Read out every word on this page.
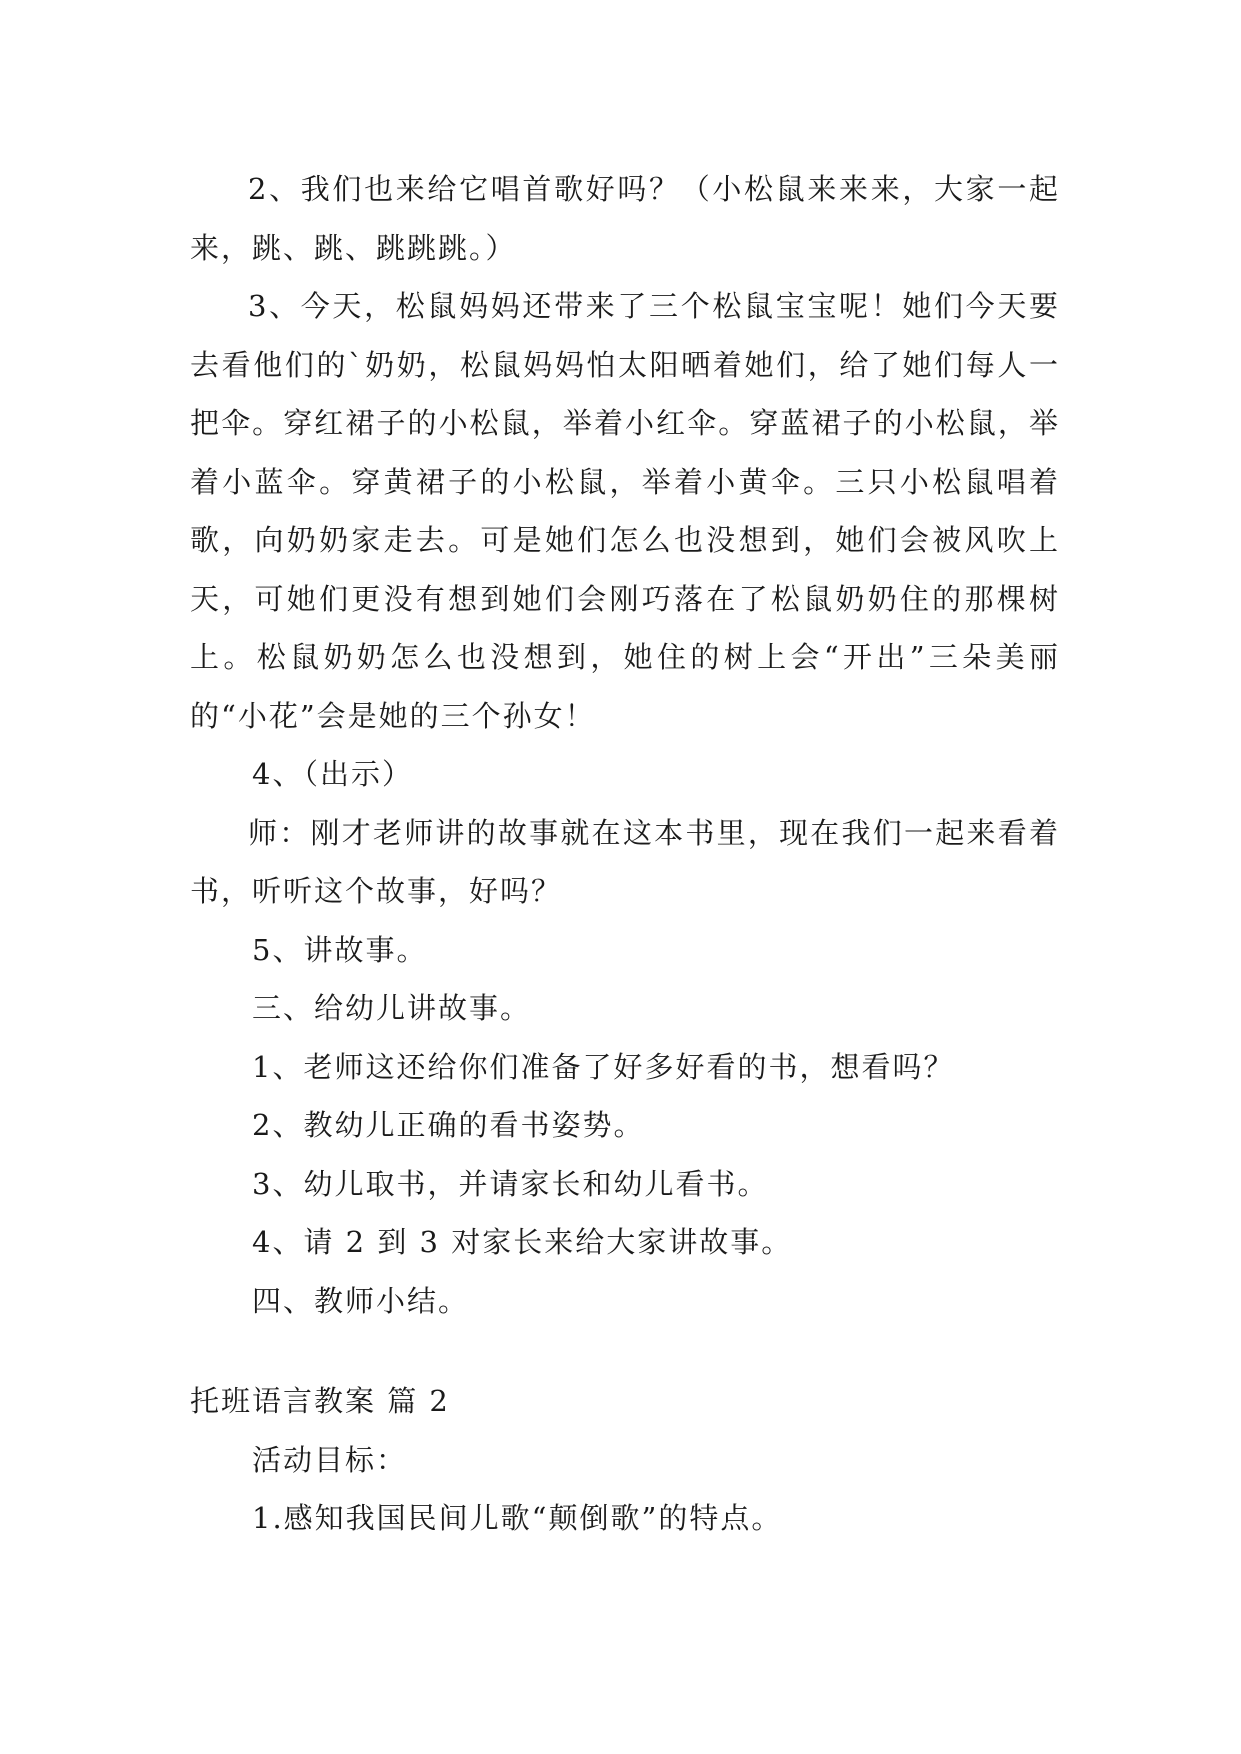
2、我们也来给它唱首歌好吗？（小松鼠来来来，大家一起来，跳、跳、跳跳跳。）

3、今天，松鼠妈妈还带来了三个松鼠宝宝呢！她们今天要去看他们的`奶奶，松鼠妈妈怕太阳晒着她们，给了她们每人一把伞。穿红裙子的小松鼠，举着小红伞。穿蓝裙子的小松鼠，举着小蓝伞。穿黄裙子的小松鼠，举着小黄伞。三只小松鼠唱着歌，向奶奶家走去。可是她们怎么也没想到，她们会被风吹上天，可她们更没有想到她们会刚巧落在了松鼠奶奶住的那棵树上。松鼠奶奶怎么也没想到，她住的树上会“开出”三朵美丽的“小花”会是她的三个孙女！

4、（出示）

师：刚才老师讲的故事就在这本书里，现在我们一起来看着书，听听这个故事，好吗？

5、讲故事。

三、给幼儿讲故事。

1、老师这还给你们准备了好多好看的书，想看吗？

2、教幼儿正确的看书姿势。

3、幼儿取书，并请家长和幼儿看书。

4、请 2 到 3 对家长来给大家讲故事。

四、教师小结。

托班语言教案 篇 2

活动目标：

1.感知我国民间儿歌“颠倒歌”的特点。
